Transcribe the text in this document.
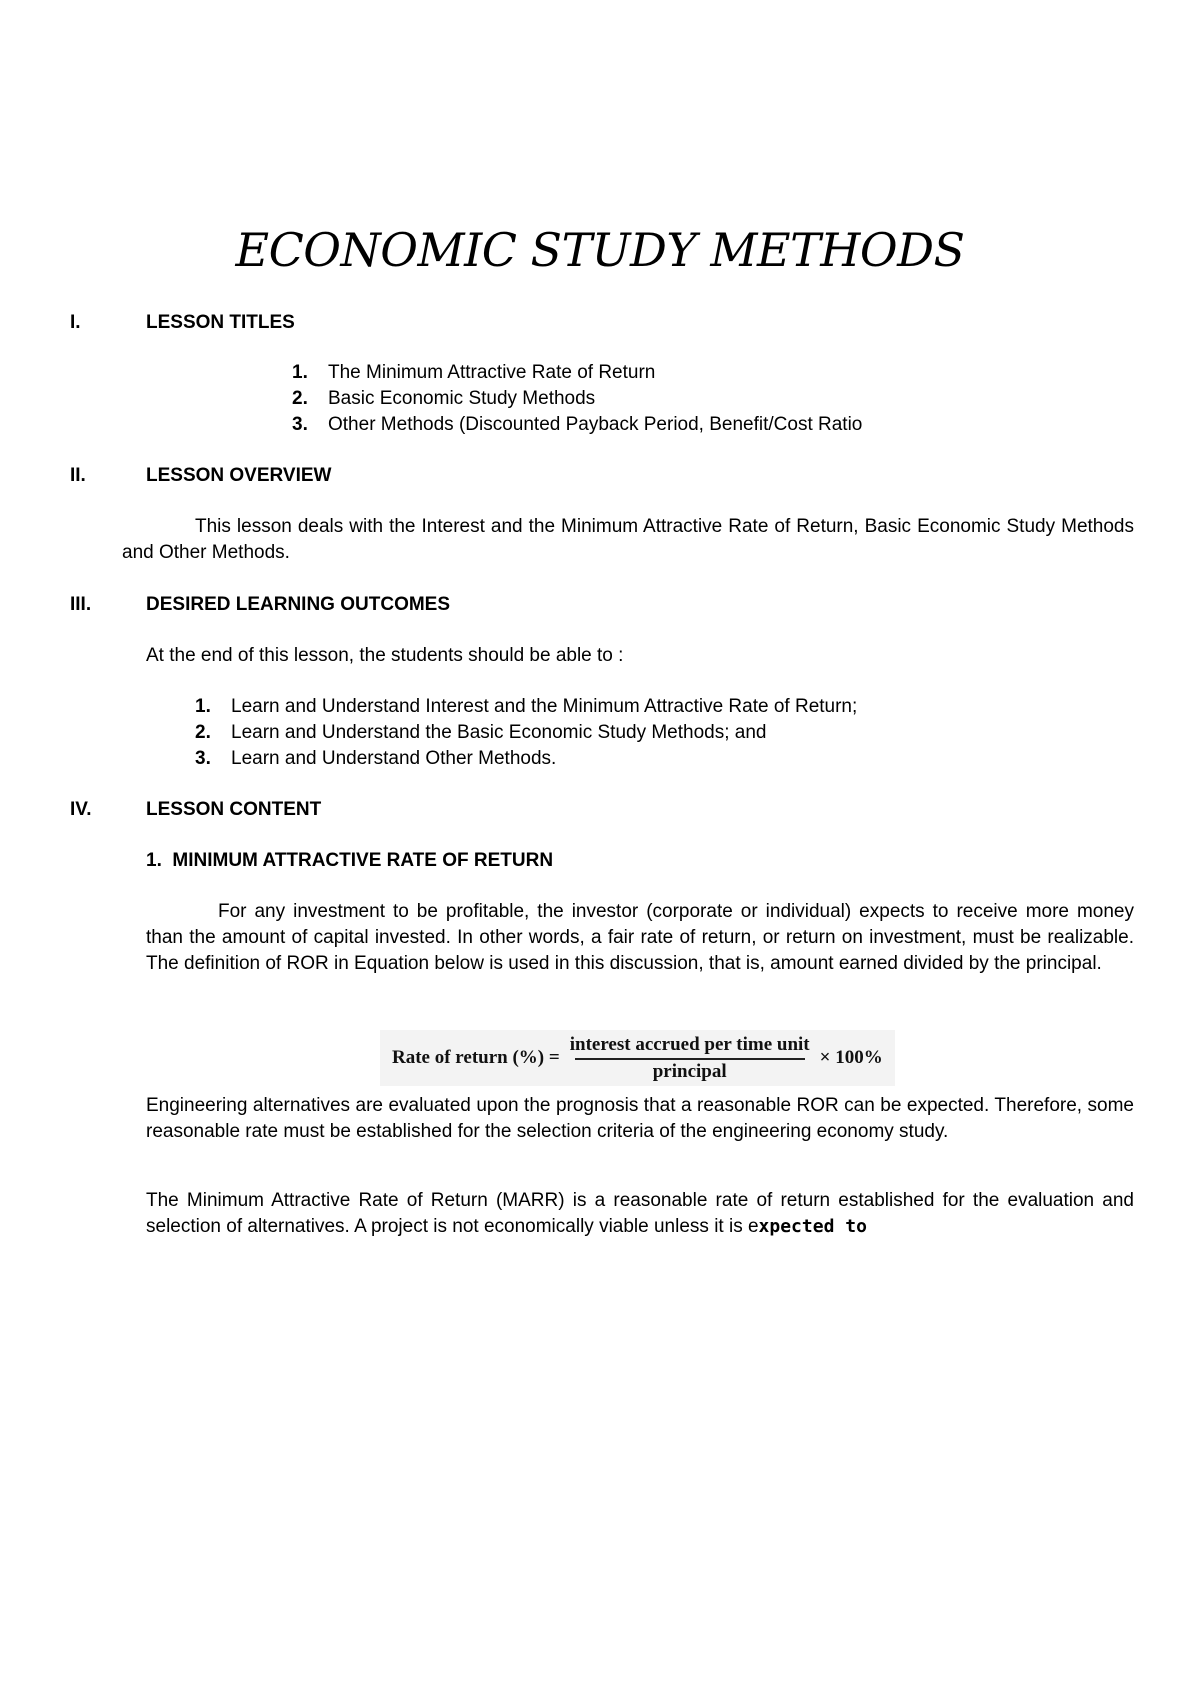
ECONOMIC STUDY METHODS
I.	LESSON TITLES
1.	The Minimum Attractive Rate of Return
2.	Basic Economic Study Methods
3.	Other Methods (Discounted Payback Period, Benefit/Cost Ratio
II.	LESSON OVERVIEW
This lesson deals with the Interest and the Minimum Attractive Rate of Return, Basic Economic Study Methods and Other Methods.
III.	DESIRED LEARNING OUTCOMES
At the end of this lesson, the students should be able to :
1.	Learn and Understand Interest and the Minimum Attractive Rate of Return;
2.	Learn and Understand the Basic Economic Study Methods; and
3.	Learn and Understand Other Methods.
IV.	LESSON CONTENT
1.  MINIMUM ATTRACTIVE RATE OF RETURN
For any investment to be profitable, the investor (corporate or individual) expects to receive more money than the amount of capital invested. In other words, a fair rate of return, or return on investment, must be realizable. The definition of ROR in Equation below is used in this discussion, that is, amount earned divided by the principal.
Rate of return (%) = $\frac{\text{interest accrued per time unit}}{\text{principal}} \times 100\%$
Engineering alternatives are evaluated upon the prognosis that a reasonable ROR can be expected. Therefore, some reasonable rate must be established for the selection criteria of the engineering economy study.
The Minimum Attractive Rate of Return (MARR) is a reasonable rate of return established for the evaluation and selection of alternatives. A project is not economically viable unless it is expected to
